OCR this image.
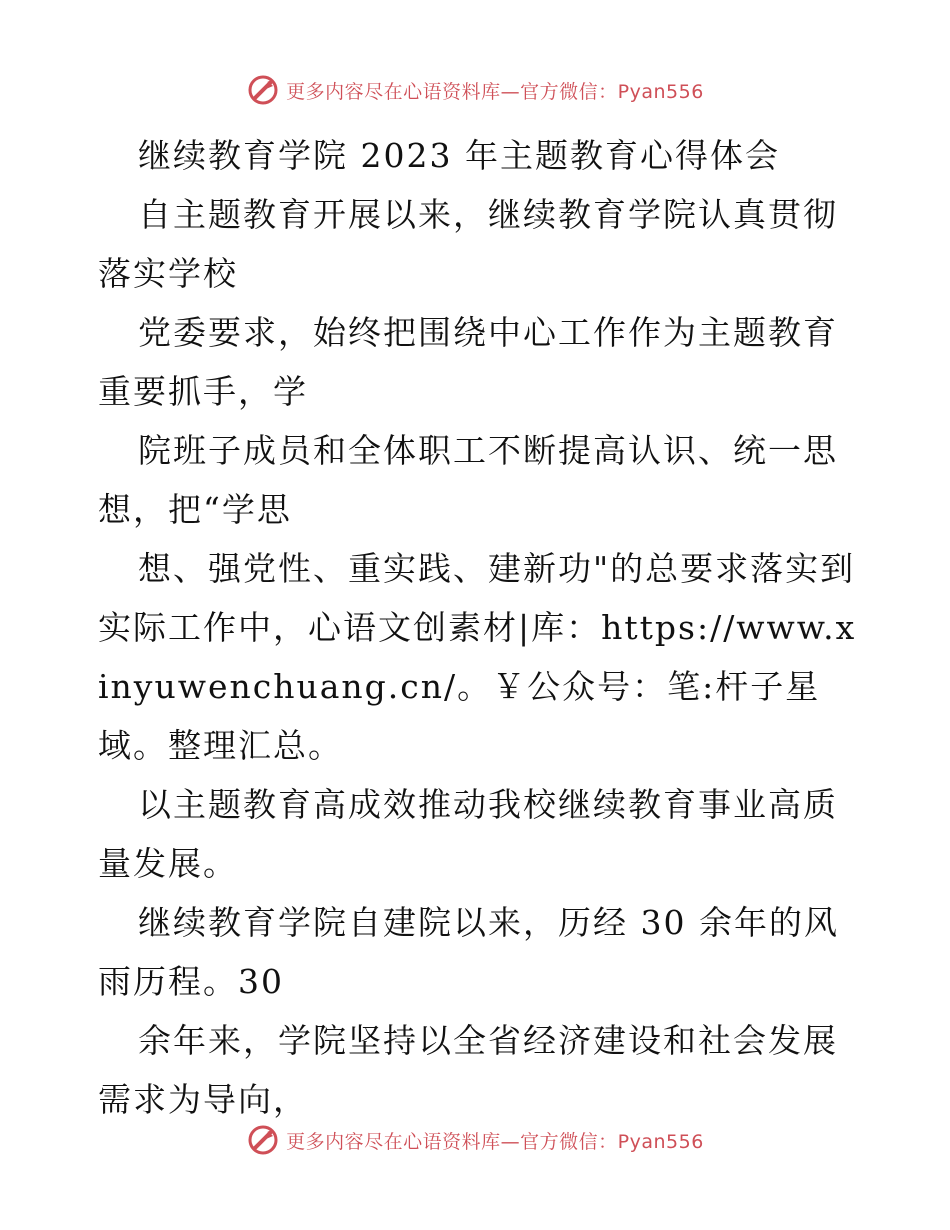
更多内容尽在心语资料库—官方微信：Pyan556

继续教育学院 2023 年主题教育心得体会

自主题教育开展以来，继续教育学院认真贯彻落实学校

党委要求，始终把围绕中心工作作为主题教育重要抓手，学

院班子成员和全体职工不断提高认识、统一思想，把“学思

想、强党性、重实践、建新功"的总要求落实到实际工作中，心语文创素材|库：https://www.xinyuwenchuang.cn/。￥公众号：笔:杆子星域。整理汇总。

以主题教育高成效推动我校继续教育事业高质量发展。

继续教育学院自建院以来，历经 30 余年的风雨历程。30

余年来，学院坚持以全省经济建设和社会发展需求为导向，

更多内容尽在心语资料库—官方微信：Pyan556
